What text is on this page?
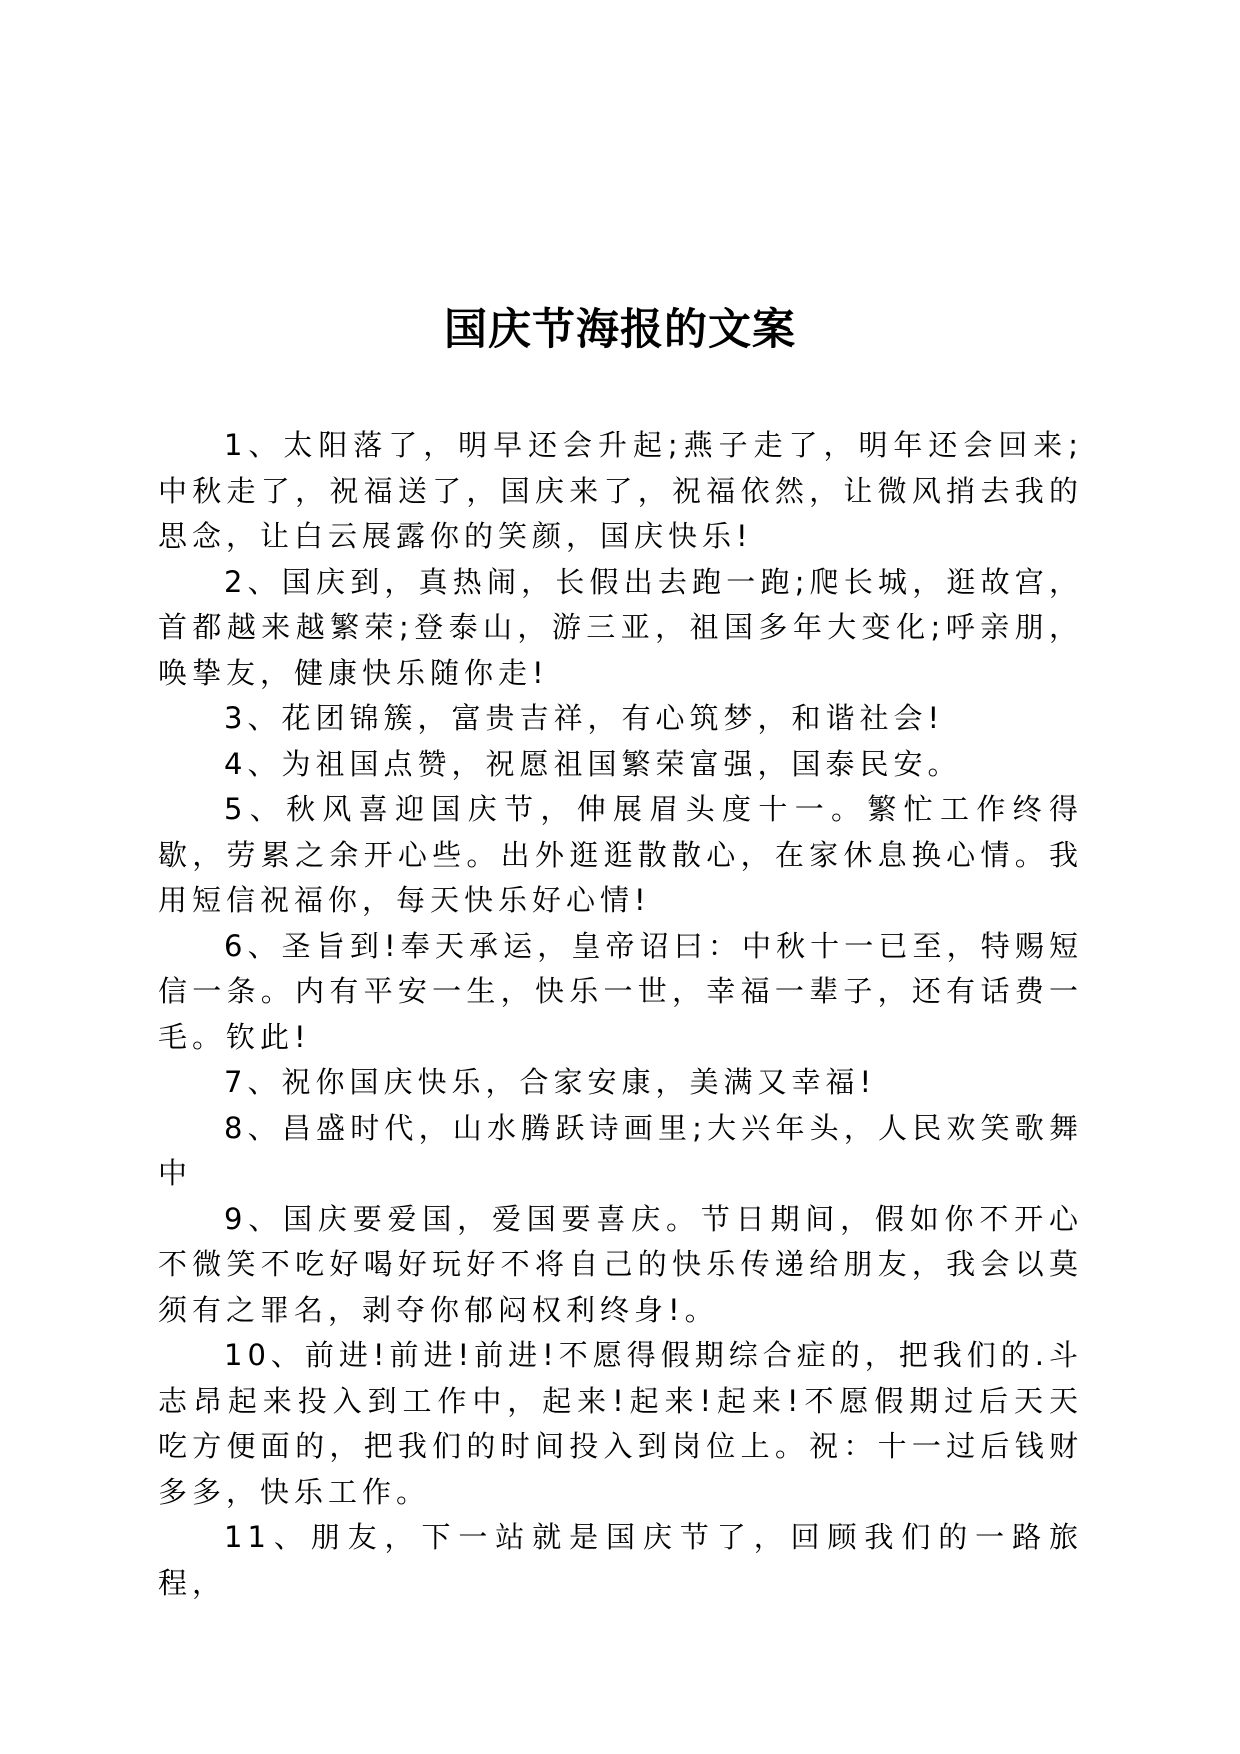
国庆节海报的文案

1、太阳落了，明早还会升起;燕子走了，明年还会回来;中秋走了，祝福送了，国庆来了，祝福依然，让微风捎去我的思念，让白云展露你的笑颜，国庆快乐!

2、国庆到，真热闹，长假出去跑一跑;爬长城，逛故宫，首都越来越繁荣;登泰山，游三亚，祖国多年大变化;呼亲朋，唤挚友，健康快乐随你走!

3、花团锦簇，富贵吉祥，有心筑梦，和谐社会!

4、为祖国点赞，祝愿祖国繁荣富强，国泰民安。

5、秋风喜迎国庆节，伸展眉头度十一。繁忙工作终得歇，劳累之余开心些。出外逛逛散散心，在家休息换心情。我用短信祝福你，每天快乐好心情!

6、圣旨到!奉天承运，皇帝诏曰：中秋十一已至，特赐短信一条。内有平安一生，快乐一世，幸福一辈子，还有话费一毛。钦此!

7、祝你国庆快乐，合家安康，美满又幸福!

8、昌盛时代，山水腾跃诗画里;大兴年头，人民欢笑歌舞中

9、国庆要爱国，爱国要喜庆。节日期间，假如你不开心不微笑不吃好喝好玩好不将自己的快乐传递给朋友，我会以莫须有之罪名，剥夺你郁闷权利终身!。

10、前进!前进!前进!不愿得假期综合症的，把我们的.斗志昂起来投入到工作中，起来!起来!起来!不愿假期过后天天吃方便面的，把我们的时间投入到岗位上。祝：十一过后钱财多多，快乐工作。

11、朋友，下一站就是国庆节了，回顾我们的一路旅程，
